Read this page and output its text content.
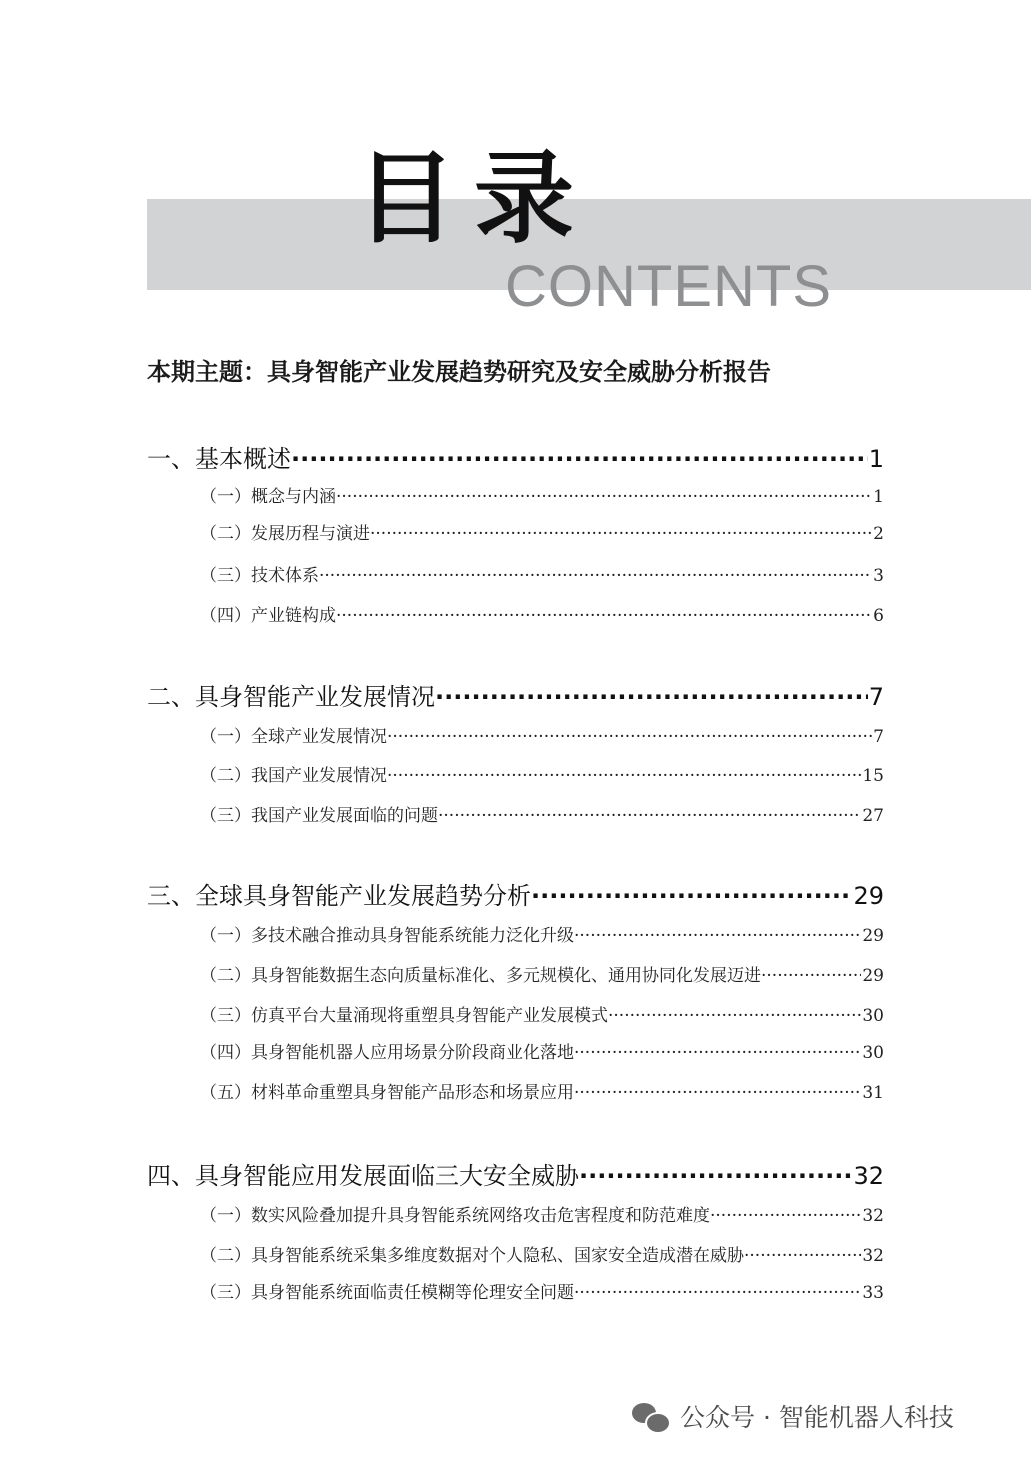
目录
CONTENTS
本期主题：具身智能产业发展趋势研究及安全威胁分析报告
一、基本概述 ·····	1
（一）概念与内涵 ·····	1
（二）发展历程与演进 ·····	2
（三）技术体系 ·····	3
（四）产业链构成 ·····	6
二、具身智能产业发展情况 ·····	7
（一）全球产业发展情况 ·····	7
（二）我国产业发展情况 ·····	15
（三）我国产业发展面临的问题 ·····	27
三、全球具身智能产业发展趋势分析 ·····	29
（一）多技术融合推动具身智能系统能力泛化升级 ·····	29
（二）具身智能数据生态向质量标准化、多元规模化、通用协同化发展迈进 ·····	29
（三）仿真平台大量涌现将重塑具身智能产业发展模式 ·····	30
（四）具身智能机器人应用场景分阶段商业化落地 ·····	30
（五）材料革命重塑具身智能产品形态和场景应用 ·····	31
四、具身智能应用发展面临三大安全威胁 ·····	32
（一）数实风险叠加提升具身智能系统网络攻击危害程度和防范难度 ·····	32
（二）具身智能系统采集多维度数据对个人隐私、国家安全造成潜在威胁 ·····	32
（三）具身智能系统面临责任模糊等伦理安全问题 ·····	33
公众号 · 智能机器人科技
